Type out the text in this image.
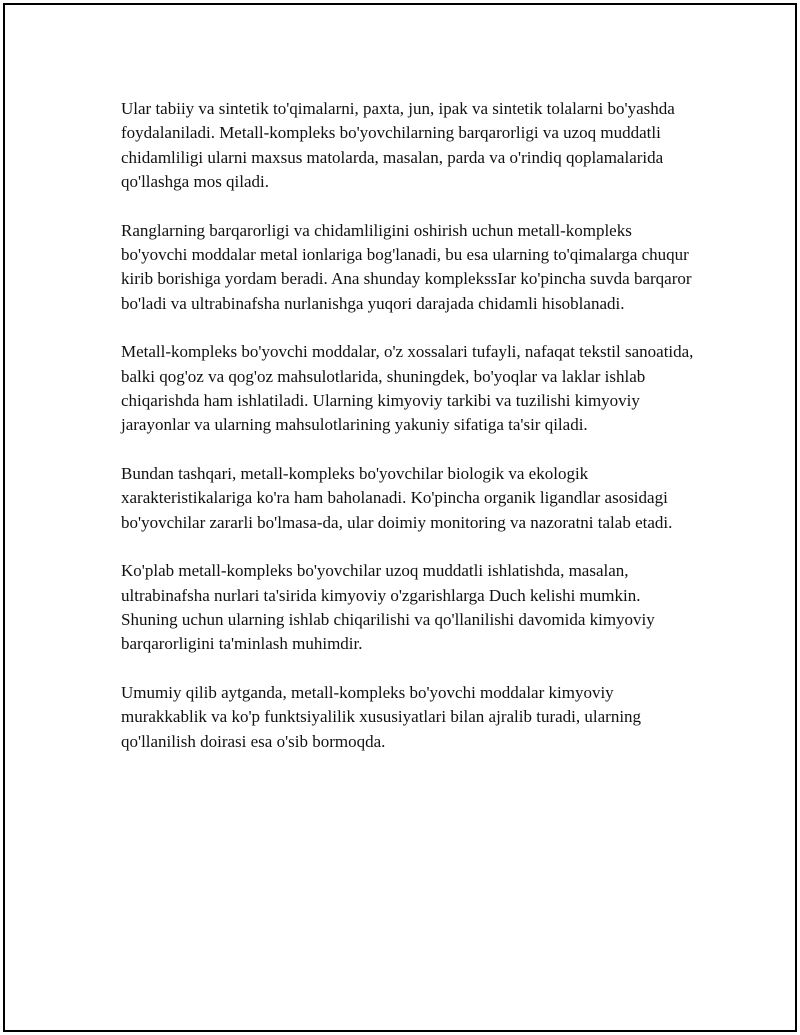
Ular tabiiy va sintetik to'qimalarni, paxta, jun, ipak va sintetik tolalarni bo'yashda foydalaniladi. Metall-kompleks bo'yovchilarning barqarorligi va uzoq muddatli chidamliligi ularni maxsus matolarda, masalan, parda va o'rindiq qoplamalarida qo'llashga mos qiladi.

Ranglarning barqarorligi va chidamliligini oshirish uchun metall-kompleks bo'yovchi moddalar metal ionlariga bog'lanadi, bu esa ularning to'qimalarga chuqur kirib borishiga yordam beradi. Ana shunday komplekssIar ko'pincha suvda barqaror bo'ladi va ultrabinafsha nurlanishga yuqori darajada chidamli hisoblanadi.

Metall-kompleks bo'yovchi moddalar, o'z xossalari tufayli, nafaqat tekstil sanoatida, balki qog'oz va qog'oz mahsulotlarida, shuningdek, bo'yoqlar va laklar ishlab chiqarishda ham ishlatiladi. Ularning kimyoviy tarkibi va tuzilishi kimyoviy jarayonlar va ularning mahsulotlarining yakuniy sifatiga ta'sir qiladi.

Bundan tashqari, metall-kompleks bo'yovchilar biologik va ekologik xarakteristikalariga ko'ra ham baholanadi. Ko'pincha organik ligandlar asosidagi bo'yovchilar zararli bo'lmasa-da, ular doimiy monitoring va nazoratni talab etadi.

Ko'plab metall-kompleks bo'yovchilar uzoq muddatli ishlatishda, masalan, ultrabinafsha nurlari ta'sirida kimyoviy o'zgarishlarga Duch kelishi mumkin. Shuning uchun ularning ishlab chiqarilishi va qo'llanilishi davomida kimyoviy barqarorligini ta'minlash muhimdir.

Umumiy qilib aytganda, metall-kompleks bo'yovchi moddalar kimyoviy murakkablik va ko'p funktsiyalilik xususiyatlari bilan ajralib turadi, ularning qo'llanilish doirasi esa o'sib bormoqda.
